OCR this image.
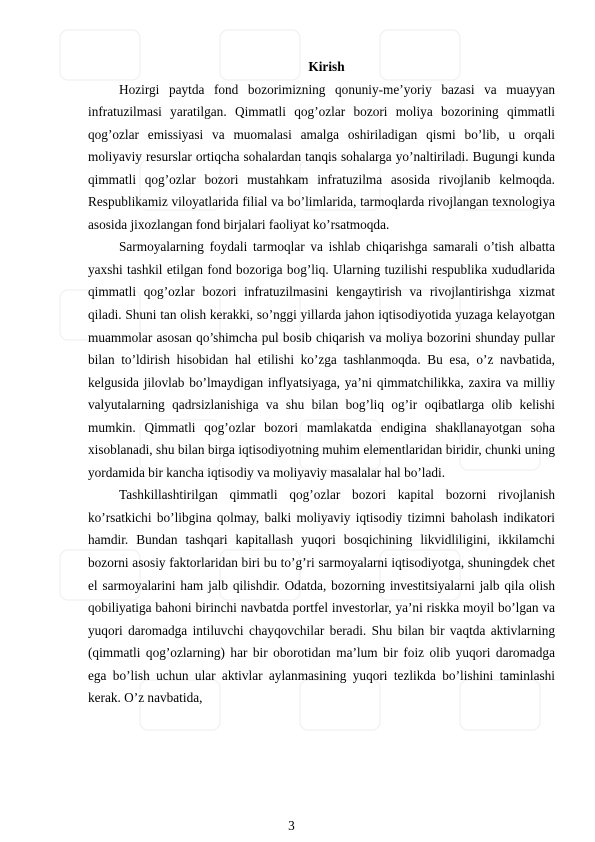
Kirish

Hozirgi paytda fond bozorimizning qonuniy-me’yoriy bazasi va muayyan infratuzilmasi yaratilgan. Qimmatli qog’ozlar bozori moliya bozorining qimmatli qog’ozlar emissiyasi va muomalasi amalga oshiriladigan qismi bo’lib, u orqali moliyaviy resurslar ortiqcha sohalardan tanqis sohalarga yo’naltiriladi. Bugungi kunda qimmatli qog’ozlar bozori mustahkam infratuzilma asosida rivojlanib kelmoqda. Respublikamiz viloyatlarida filial va bo’limlarida, tarmoqlarda rivojlangan texnologiya asosida jixozlangan fond birjalari faoliyat ko’rsatmoqda.

Sarmoyalarning foydali tarmoqlar va ishlab chiqarishga samarali o’tish albatta yaxshi tashkil etilgan fond bozoriga bog’liq. Ularning tuzilishi respublika xududlarida qimmatli qog’ozlar bozori infratuzilmasini kengaytirish va rivojlantirishga xizmat qiladi. Shuni tan olish kerakki, so’nggi yillarda jahon iqtisodiyotida yuzaga kelayotgan muammolar asosan qo’shimcha pul bosib chiqarish va moliya bozorini shunday pullar bilan to’ldirish hisobidan hal etilishi ko’zga tashlanmoqda. Bu esa, o’z navbatida, kelgusida jilovlab bo’lmaydigan inflyatsiyaga, ya’ni qimmatchilikka, zaxira va milliy valyutalarning qadrsizlanishiga va shu bilan bog’liq og’ir oqibatlarga olib kelishi mumkin. Qimmatli qog’ozlar bozori mamlakatda endigina shakllanayotgan soha xisoblanadi, shu bilan birga iqtisodiyotning muhim elementlaridan biridir, chunki uning yordamida bir kancha iqtisodiy va moliyaviy masalalar hal bo’ladi.

Tashkillashtirilgan qimmatli qog’ozlar bozori kapital bozorni rivojlanish ko’rsatkichi bo’libgina qolmay, balki moliyaviy iqtisodiy tizimni baholash indikatori hamdir. Bundan tashqari kapitallash yuqori bosqichining likvidliligini, ikkilamchi bozorni asosiy faktorlaridan biri bu to’g’ri sarmoyalarni iqtisodiyotga, shuningdek chet el sarmoyalarini ham jalb qilishdir. Odatda, bozorning investitsiyalarni jalb qila olish qobiliyatiga bahoni birinchi navbatda portfel investorlar, ya’ni riskka moyil bo’lgan va yuqori daromadga intiluvchi chayqovchilar beradi. Shu bilan bir vaqtda aktivlarning (qimmatli qog’ozlarning) har bir oborotidan ma’lum bir foiz olib yuqori daromadga ega bo’lish uchun ular aktivlar aylanmasining yuqori tezlikda bo’lishini taminlashi kerak. O’z navbatida,

3
